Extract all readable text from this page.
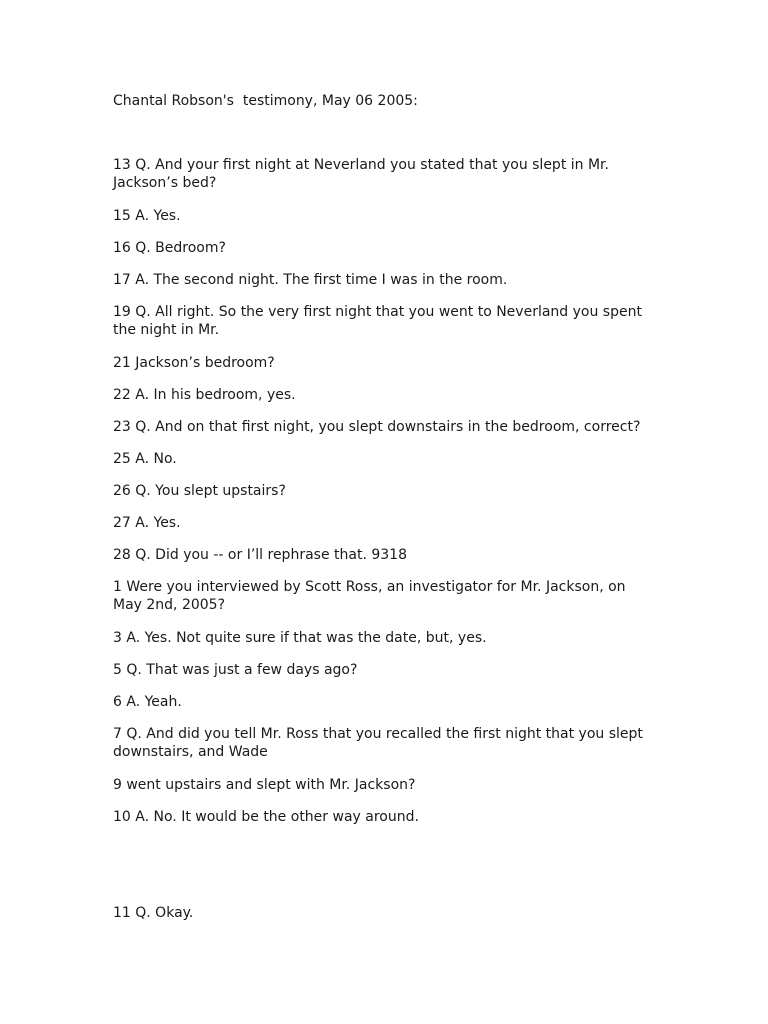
Chantal Robson's  testimony, May 06 2005:
13 Q. And your first night at Neverland you stated that you slept in Mr. Jackson’s bed?
15 A. Yes.
16 Q. Bedroom?
17 A. The second night. The first time I was in the room.
19 Q. All right. So the very first night that you went to Neverland you spent the night in Mr.
21 Jackson’s bedroom?
22 A. In his bedroom, yes.
23 Q. And on that first night, you slept downstairs in the bedroom, correct?
25 A. No.
26 Q. You slept upstairs?
27 A. Yes.
28 Q. Did you -- or I’ll rephrase that. 9318
1 Were you interviewed by Scott Ross, an investigator for Mr. Jackson, on May 2nd, 2005?
3 A. Yes. Not quite sure if that was the date, but, yes.
5 Q. That was just a few days ago?
6 A. Yeah.
7 Q. And did you tell Mr. Ross that you recalled the first night that you slept downstairs, and Wade
9 went upstairs and slept with Mr. Jackson?
10 A. No. It would be the other way around.
11 Q. Okay.
